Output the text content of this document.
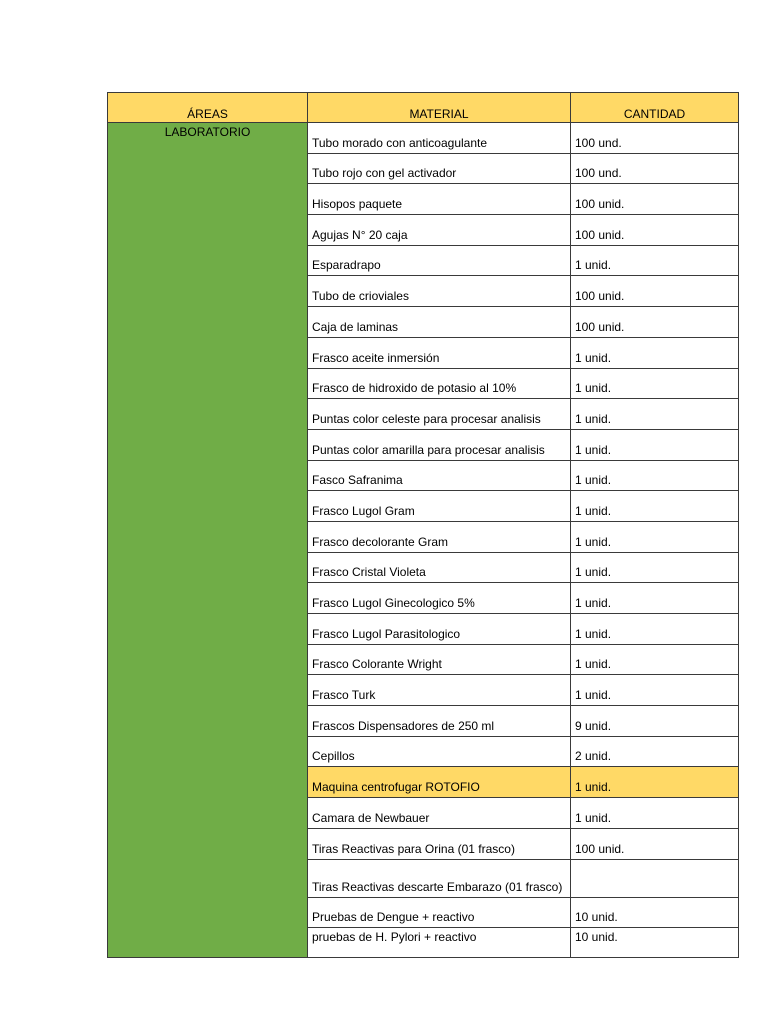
ÁREAS	MATERIAL	CANTIDAD
LABORATORIO	Tubo morado con anticoagulante	100 und.
	Tubo rojo con gel activador	100 und.
	Hisopos paquete	100 unid.
	Agujas N° 20 caja	100 unid.
	Esparadrapo	1 unid.
	Tubo de crioviales	100 unid.
	Caja de laminas	100 unid.
	Frasco aceite inmersión	1 unid.
	Frasco de hidroxido de potasio al 10%	1 unid.
	Puntas color celeste para procesar analisis	1 unid.
	Puntas color amarilla para procesar analisis	1 unid.
	Fasco Safranima	1 unid.
	Frasco Lugol Gram	1 unid.
	Frasco decolorante Gram	1 unid.
	Frasco Cristal Violeta	1 unid.
	Frasco Lugol Ginecologico 5%	1 unid.
	Frasco Lugol Parasitologico	1 unid.
	Frasco Colorante Wright	1 unid.
	Frasco Turk	1 unid.
	Frascos Dispensadores de 250 ml	9 unid.
	Cepillos	2 unid.
	Maquina centrofugar ROTOFIO	1 unid.
	Camara de Newbauer	1 unid.
	Tiras Reactivas para Orina (01 frasco)	100 unid.
	Tiras Reactivas descarte Embarazo (01 frasco)	
	Pruebas de Dengue + reactivo	10 unid.
	pruebas de H. Pylori + reactivo	10 unid.
